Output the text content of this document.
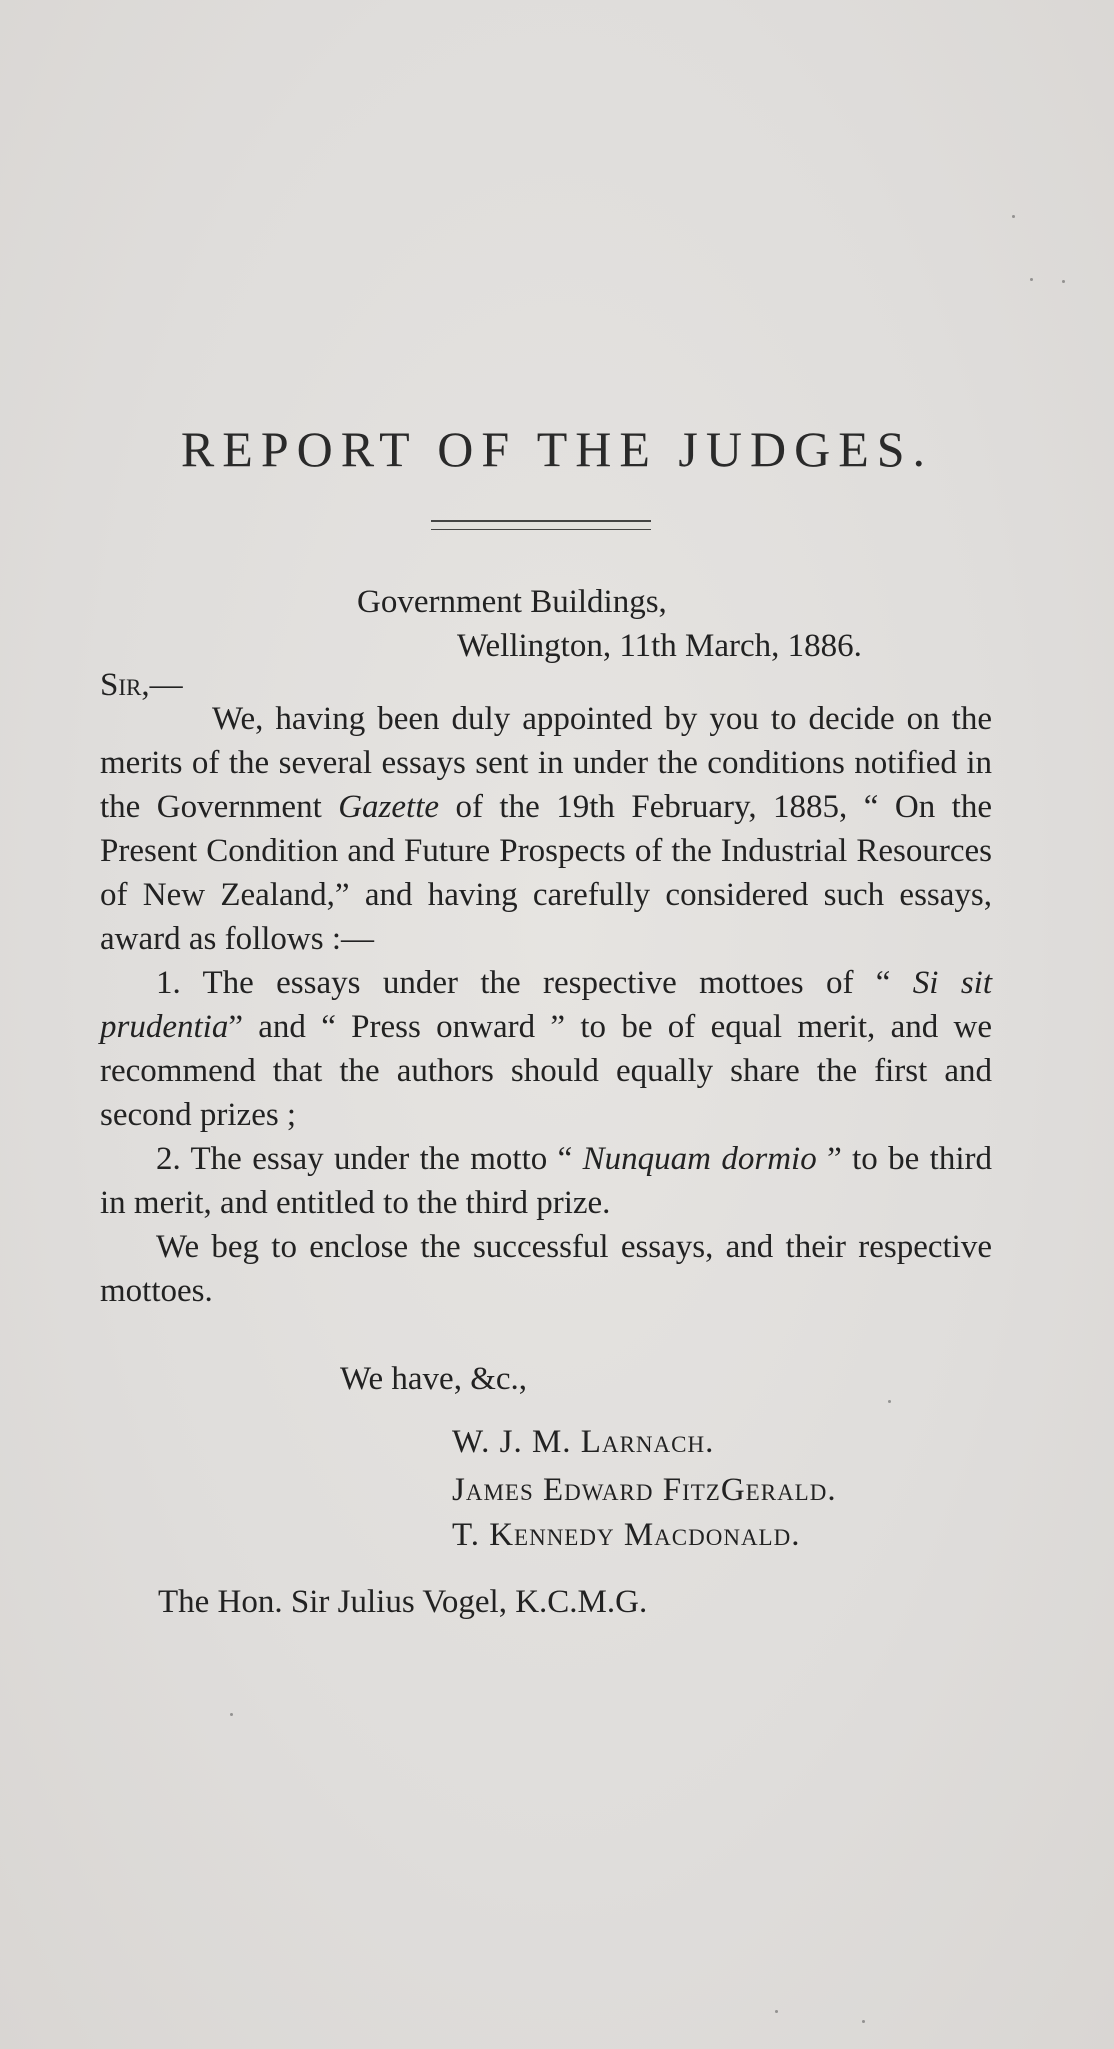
REPORT OF THE JUDGES.
Government Buildings,
Wellington, 11th March, 1886.
Sir,—

We, having been duly appointed by you to decide on the merits of the several essays sent in under the conditions notified in the Government Gazette of the 19th February, 1885, “ On the Present Condition and Future Prospects of the Industrial Resources of New Zealand,” and having carefully considered such essays, award as follows :—

1. The essays under the respective mottoes of “ Si sit prudentia” and “ Press onward ” to be of equal merit, and we recommend that the authors should equally share the first and second prizes ;

2. The essay under the motto “ Nunquam dormio ” to be third in merit, and entitled to the third prize.

We beg to enclose the successful essays, and their respective mottoes.

We have, &c.,
W. J. M. Larnach.
James Edward FitzGerald.
T. Kennedy Macdonald.
The Hon. Sir Julius Vogel, K.C.M.G.
